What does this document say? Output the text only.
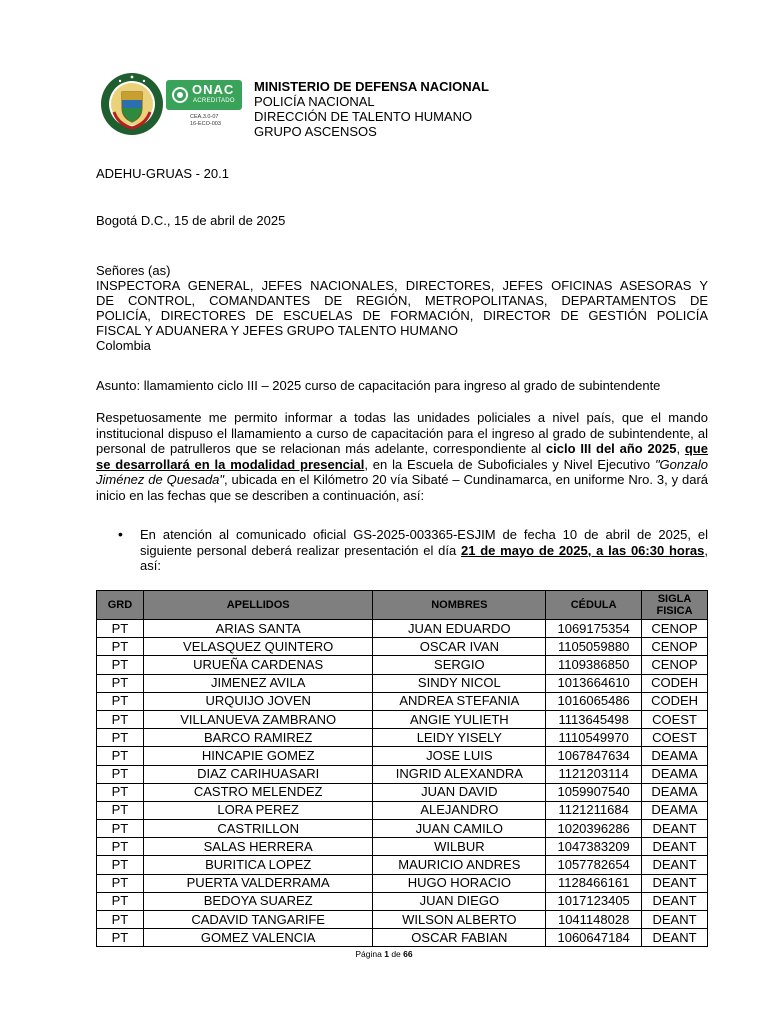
ONAC
ACREDITADO
CEA.3.0-07
16-ECO-003
MINISTERIO DE DEFENSA NACIONAL
POLICÍA NACIONAL
DIRECCIÓN DE TALENTO HUMANO
GRUPO ASCENSOS
ADEHU-GRUAS - 20.1
Bogotá D.C., 15 de abril de 2025
Señores (as)
INSPECTORA GENERAL, JEFES NACIONALES, DIRECTORES, JEFES OFICINAS ASESORAS Y
DE CONTROL, COMANDANTES DE REGIÓN, METROPOLITANAS, DEPARTAMENTOS DE
POLICÍA, DIRECTORES DE ESCUELAS DE FORMACIÓN, DIRECTOR DE GESTIÓN POLICÍA
FISCAL Y ADUANERA Y JEFES GRUPO TALENTO HUMANO
Colombia
Asunto: llamamiento ciclo III – 2025 curso de capacitación para ingreso al grado de subintendente
Respetuosamente me permito informar a todas las unidades policiales a nivel país, que el mando institucional dispuso el llamamiento a curso de capacitación para el ingreso al grado de subintendente, al personal de patrulleros que se relacionan más adelante, correspondiente al ciclo III del año 2025, que se desarrollará en la modalidad presencial, en la Escuela de Suboficiales y Nivel Ejecutivo "Gonzalo Jiménez de Quesada", ubicada en el Kilómetro 20 vía Sibaté – Cundinamarca, en uniforme Nro. 3, y dará inicio en las fechas que se describen a continuación, así:
• En atención al comunicado oficial GS-2025-003365-ESJIM de fecha 10 de abril de 2025, el siguiente personal deberá realizar presentación el día 21 de mayo de 2025, a las 06:30 horas, así:
GRD	APELLIDOS	NOMBRES	CÉDULA	SIGLA FISICA
PT	ARIAS SANTA	JUAN EDUARDO	1069175354	CENOP
PT	VELASQUEZ QUINTERO	OSCAR IVAN	1105059880	CENOP
PT	URUEÑA CARDENAS	SERGIO	1109386850	CENOP
PT	JIMENEZ AVILA	SINDY NICOL	1013664610	CODEH
PT	URQUIJO JOVEN	ANDREA STEFANIA	1016065486	CODEH
PT	VILLANUEVA ZAMBRANO	ANGIE YULIETH	1113645498	COEST
PT	BARCO RAMIREZ	LEIDY YISELY	1110549970	COEST
PT	HINCAPIE GOMEZ	JOSE LUIS	1067847634	DEAMA
PT	DIAZ CARIHUASARI	INGRID ALEXANDRA	1121203114	DEAMA
PT	CASTRO MELENDEZ	JUAN DAVID	1059907540	DEAMA
PT	LORA PEREZ	ALEJANDRO	1121211684	DEAMA
PT	CASTRILLON	JUAN CAMILO	1020396286	DEANT
PT	SALAS HERRERA	WILBUR	1047383209	DEANT
PT	BURITICA LOPEZ	MAURICIO ANDRES	1057782654	DEANT
PT	PUERTA VALDERRAMA	HUGO HORACIO	1128466161	DEANT
PT	BEDOYA SUAREZ	JUAN DIEGO	1017123405	DEANT
PT	CADAVID TANGARIFE	WILSON ALBERTO	1041148028	DEANT
PT	GOMEZ VALENCIA	OSCAR FABIAN	1060647184	DEANT
Página 1 de 66
